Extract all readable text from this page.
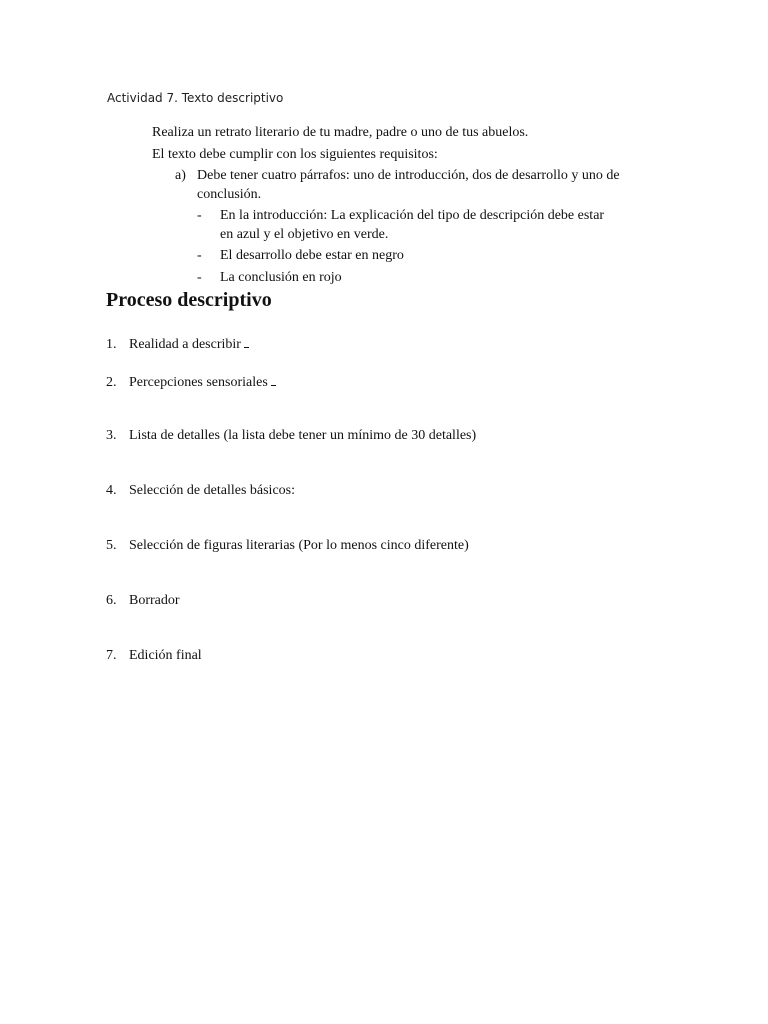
Actividad 7. Texto descriptivo
Realiza un retrato literario de tu madre, padre o uno de tus abuelos.
El texto debe cumplir con los siguientes requisitos:
a) Debe tener cuatro párrafos: uno de introducción, dos de desarrollo y uno de conclusión.
- En la introducción: La explicación del tipo de descripción debe estar en azul y el objetivo en verde.
- El desarrollo debe estar en negro
- La conclusión en rojo
Proceso descriptivo
1. Realidad a describir
2. Percepciones sensoriales
3. Lista de detalles (la lista debe tener un mínimo de 30 detalles)
4. Selección de detalles básicos:
5. Selección de figuras literarias (Por lo menos cinco diferente)
6. Borrador
7. Edición final
